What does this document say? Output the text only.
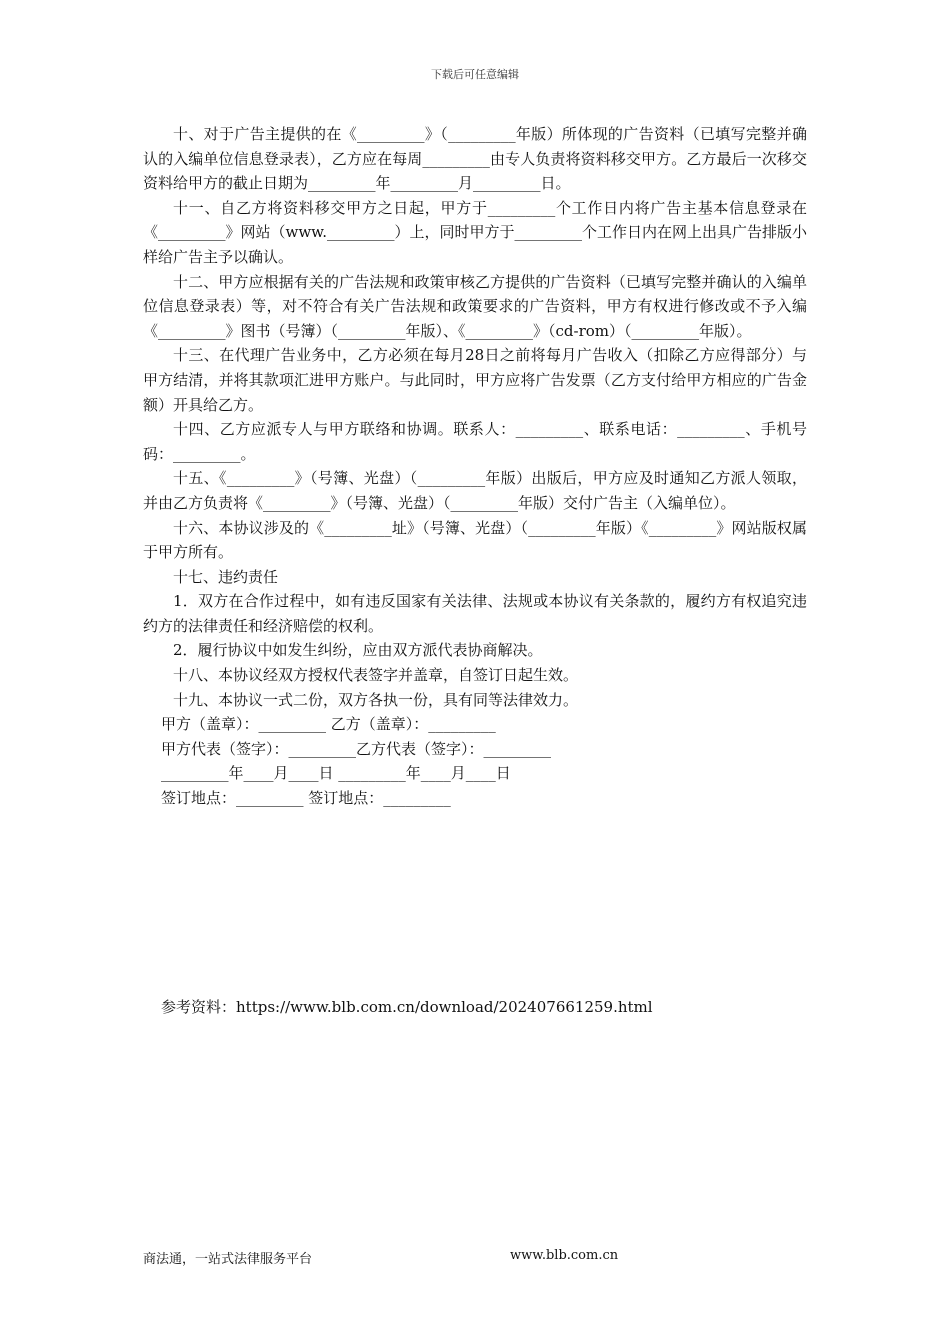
下载后可任意编辑

十、对于广告主提供的在《_________》（_________年版）所体现的广告资料（已填写完整并确认的入编单位信息登录表），乙方应在每周_________由专人负责将资料移交甲方。乙方最后一次移交资料给甲方的截止日期为_________年_________月_________日。

十一、自乙方将资料移交甲方之日起，甲方于_________个工作日内将广告主基本信息登录在《_________》网站（www._________）上，同时甲方于_________个工作日内在网上出具广告排版小样给广告主予以确认。

十二、甲方应根据有关的广告法规和政策审核乙方提供的广告资料（已填写完整并确认的入编单位信息登录表）等，对不符合有关广告法规和政策要求的广告资料，甲方有权进行修改或不予入编《_________》图书（号簿）（_________年版）、《_________》（cd-rom）（_________年版）。

十三、在代理广告业务中，乙方必须在每月28日之前将每月广告收入（扣除乙方应得部分）与甲方结清，并将其款项汇进甲方账户。与此同时，甲方应将广告发票（乙方支付给甲方相应的广告金额）开具给乙方。

十四、乙方应派专人与甲方联络和协调。联系人：_________、联系电话：_________、手机号码：_________。

十五、《_________》（号簿、光盘）（_________年版）出版后，甲方应及时通知乙方派人领取，并由乙方负责将《_________》（号簿、光盘）（_________年版）交付广告主（入编单位）。

十六、本协议涉及的《_________址》（号簿、光盘）（_________年版）《_________》网站版权属于甲方所有。

十七、违约责任

1．双方在合作过程中，如有违反国家有关法律、法规或本协议有关条款的，履约方有权追究违约方的法律责任和经济赔偿的权利。

2．履行协议中如发生纠纷，应由双方派代表协商解决。

十八、本协议经双方授权代表签字并盖章，自签订日起生效。

十九、本协议一式二份，双方各执一份，具有同等法律效力。

甲方（盖章）：_________ 乙方（盖章）：_________

甲方代表（签字）：_________乙方代表（签字）：_________

_________年____月____日 _________年____月____日

签订地点：_________ 签订地点：_________

参考资料：https://www.blb.com.cn/download/202407661259.html
商法通，一站式法律服务平台	www.blb.com.cn
